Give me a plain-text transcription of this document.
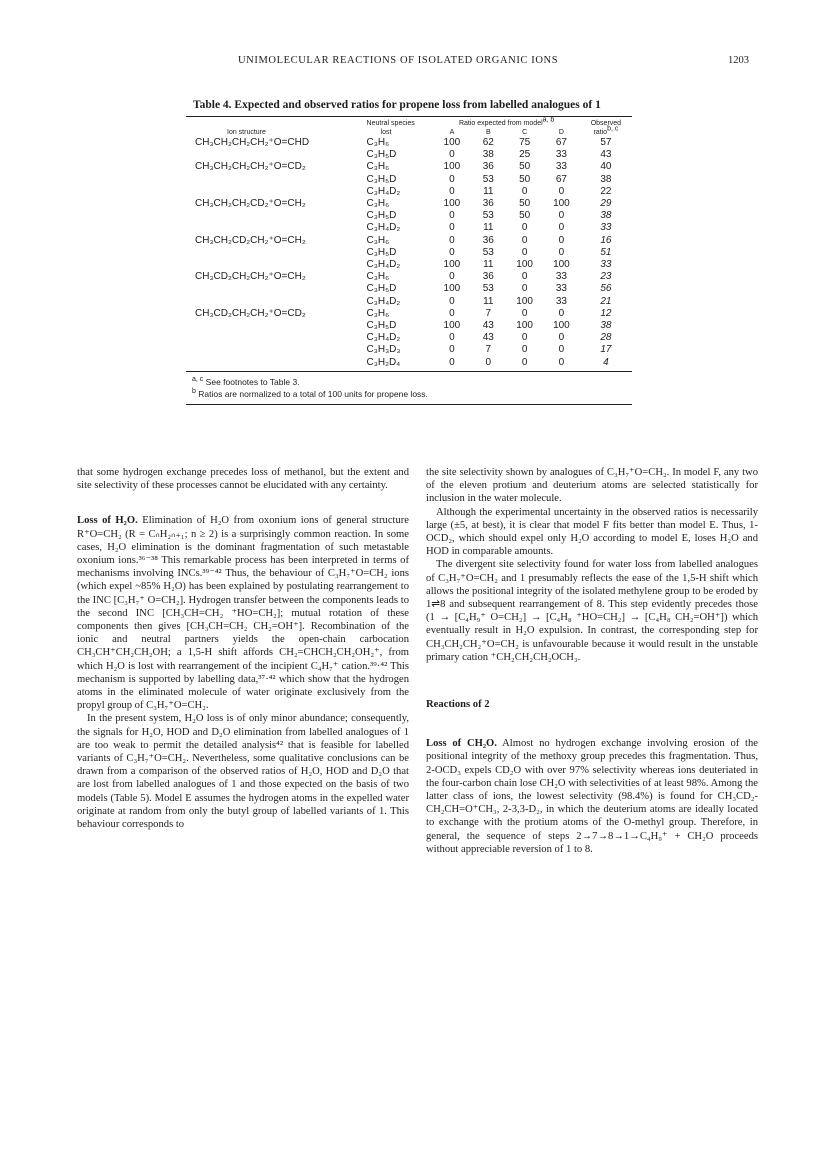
UNIMOLECULAR REACTIONS OF ISOLATED ORGANIC IONS	1203
Table 4. Expected and observed ratios for propene loss from labelled analogues of 1
	Neutral species	Ratio expected from model$^{a, b}$				Observed
Ion structure	lost	A	B	C	D	ratio$^{b, c}$
CH₃CH₂CH₂CH₂⁺O=CHD	C₃H₆	100	62	75	67	57
	C₃H₅D	0	38	25	33	43
CH₃CH₂CH₂CH₂⁺O=CD₂	C₃H₆	100	36	50	33	40
	C₃H₅D	0	53	50	67	38
	C₃H₄D₂	0	11	0	0	22
CH₃CH₂CH₂CD₂⁺O=CH₂	C₃H₆	100	36	50	100	29
	C₃H₅D	0	53	50	0	38
	C₃H₄D₂	0	11	0	0	33
CH₃CH₂CD₂CH₂⁺O=CH₂	C₃H₆	0	36	0	0	16
	C₃H₅D	0	53	0	0	51
	C₃H₄D₂	100	11	100	100	33
CH₃CD₂CH₂CH₂⁺O=CH₂	C₃H₆	0	36	0	33	23
	C₃H₅D	100	53	0	33	56
	C₃H₄D₂	0	11	100	33	21
CH₃CD₂CH₂CH₂⁺O=CD₂	C₃H₆	0	7	0	0	12
	C₃H₅D	100	43	100	100	38
	C₃H₄D₂	0	43	0	0	28
	C₃H₃D₃	0	7	0	0	17
	C₃H₂D₄	0	0	0	0	4
$^{a, c}$ See footnotes to Table 3.
$^b$ Ratios are normalized to a total of 100 units for propene loss.

that some hydrogen exchange precedes loss of methanol, but the extent and site selectivity of these processes cannot be elucidated with any certainty.

Loss of H₂O. Elimination of H₂O from oxonium ions of general structure R⁺O=CH₂ (R = CₙH₂ₙ₊₁; n ≥ 2) is a surprisingly common reaction. In some cases, H₂O elimination is the dominant fragmentation of such metastable oxonium ions.³⁶⁻³⁸ This remarkable process has been interpreted in terms of mechanisms involving INCs.³⁹⁻⁴² Thus, the behaviour of C₃H₇⁺O=CH₂ ions (which expel ~85% H₂O) has been explained by postulating rearrangement to the INC [C₃H₇⁺ O=CH₂]. Hydrogen transfer between the components leads to the second INC [CH₃CH=CH₂ ⁺HO=CH₂]; mutual rotation of these components then gives [CH₃CH=CH₂ CH₂=OH⁺]. Recombination of the ionic and neutral partners yields the open-chain carbocation CH₃CH⁺CH₂CH₂OH; a 1,5-H shift affords CH₂=CHCH₂CH₂OH₂⁺, from which H₂O is lost with rearrangement of the incipient C₄H₇⁺ cation.³⁹·⁴² This mechanism is supported by labelling data,³⁷·⁴² which show that the hydrogen atoms in the eliminated molecule of water originate exclusively from the propyl group of C₃H₇⁺O=CH₂.

In the present system, H₂O loss is of only minor abundance; consequently, the signals for H₂O, HOD and D₂O elimination from labelled analogues of 1 are too weak to permit the detailed analysis⁴² that is feasible for labelled variants of C₃H₇⁺O=CH₂. Nevertheless, some qualitative conclusions can be drawn from a comparison of the observed ratios of H₂O, HOD and D₂O that are lost from labelled analogues of 1 and those expected on the basis of two models (Table 5). Model E assumes the hydrogen atoms in the expelled water originate at random from only the butyl group of labelled variants of 1. This behaviour corresponds to

the site selectivity shown by analogues of C₃H₇⁺O=CH₂. In model F, any two of the eleven protium and deuterium atoms are selected statistically for inclusion in the water molecule.

Although the experimental uncertainty in the observed ratios is necessarily large (±5, at best), it is clear that model F fits better than model E. Thus, 1-OCD₂, which should expel only H₂O according to model E, loses H₂O and HOD in comparable amounts.

The divergent site selectivity found for water loss from labelled analogues of C₃H₇⁺O=CH₂ and 1 presumably reflects the ease of the 1,5-H shift which allows the positional integrity of the isolated methylene group to be eroded by 1⇌8 and subsequent rearrangement of 8. This step evidently precedes those (1 → [C₄H₉⁺ O=CH₂] → [C₄H₈ ⁺HO=CH₂] → [C₄H₈ CH₂=OH⁺]) which eventually result in H₂O expulsion. In contrast, the corresponding step for CH₃CH₂CH₂⁺O=CH₂ is unfavourable because it would result in the unstable primary cation ⁺CH₂CH₂CH₂OCH₃.

Reactions of 2

Loss of CH₂O. Almost no hydrogen exchange involving erosion of the positional integrity of the methoxy group precedes this fragmentation. Thus, 2-OCD₃ expels CD₂O with over 97% selectivity whereas ions deuteriated in the four-carbon chain lose CH₂O with selectivities of at least 98%. Among the latter class of ions, the lowest selectivity (98.4%) is found for CH₃CD₂-CH₂CH=O⁺CH₃, 2-3,3-D₂, in which the deuterium atoms are ideally located to exchange with the protium atoms of the O-methyl group. Therefore, in general, the sequence of steps 2→7→8→1→C₄H₉⁺ + CH₂O proceeds without appreciable reversion of 1 to 8.
